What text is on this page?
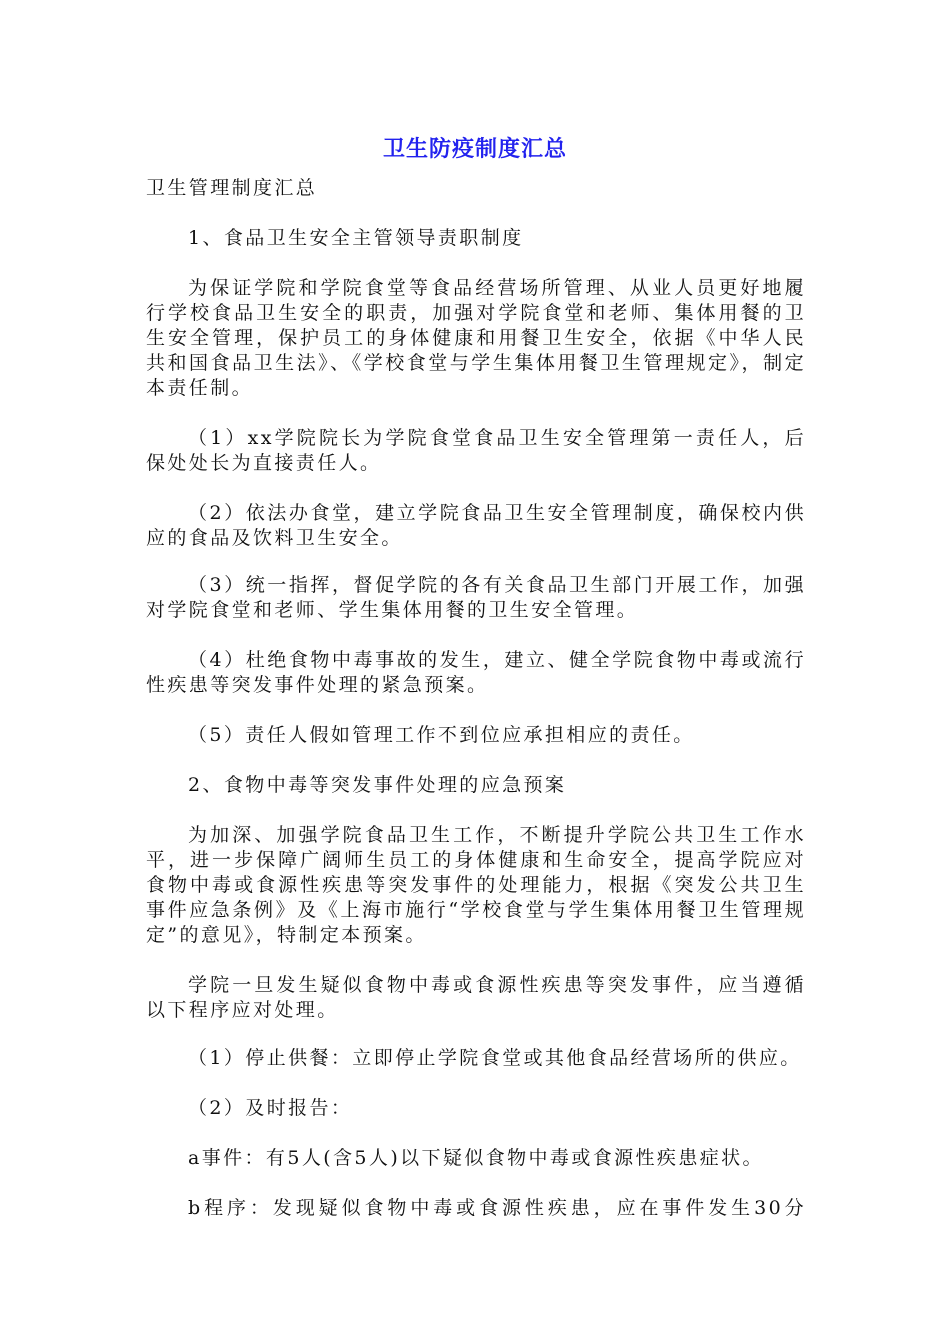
卫生防疫制度汇总
卫生管理制度汇总
1、食品卫生安全主管领导责职制度
为保证学院和学院食堂等食品经营场所管理、从业人员更好地履行学校食品卫生安全的职责，加强对学院食堂和老师、集体用餐的卫生安全管理，保护员工的身体健康和用餐卫生安全，依据《中华人民共和国食品卫生法》、《学校食堂与学生集体用餐卫生管理规定》，制定本责任制。
（1）xx学院院长为学院食堂食品卫生安全管理第一责任人，后保处处长为直接责任人。
（2）依法办食堂，建立学院食品卫生安全管理制度，确保校内供应的食品及饮料卫生安全。
（3）统一指挥，督促学院的各有关食品卫生部门开展工作，加强对学院食堂和老师、学生集体用餐的卫生安全管理。
（4）杜绝食物中毒事故的发生，建立、健全学院食物中毒或流行性疾患等突发事件处理的紧急预案。
（5）责任人假如管理工作不到位应承担相应的责任。
2、食物中毒等突发事件处理的应急预案
为加深、加强学院食品卫生工作，不断提升学院公共卫生工作水平，进一步保障广阔师生员工的身体健康和生命安全，提高学院应对食物中毒或食源性疾患等突发事件的处理能力，根据《突发公共卫生事件应急条例》及《上海市施行“学校食堂与学生集体用餐卫生管理规定”的意见》，特制定本预案。
学院一旦发生疑似食物中毒或食源性疾患等突发事件，应当遵循以下程序应对处理。
（1）停止供餐：立即停止学院食堂或其他食品经营场所的供应。
（2）及时报告：
a事件：有5人(含5人)以下疑似食物中毒或食源性疾患症状。
b程序：发现疑似食物中毒或食源性疾患，应在事件发生30分
